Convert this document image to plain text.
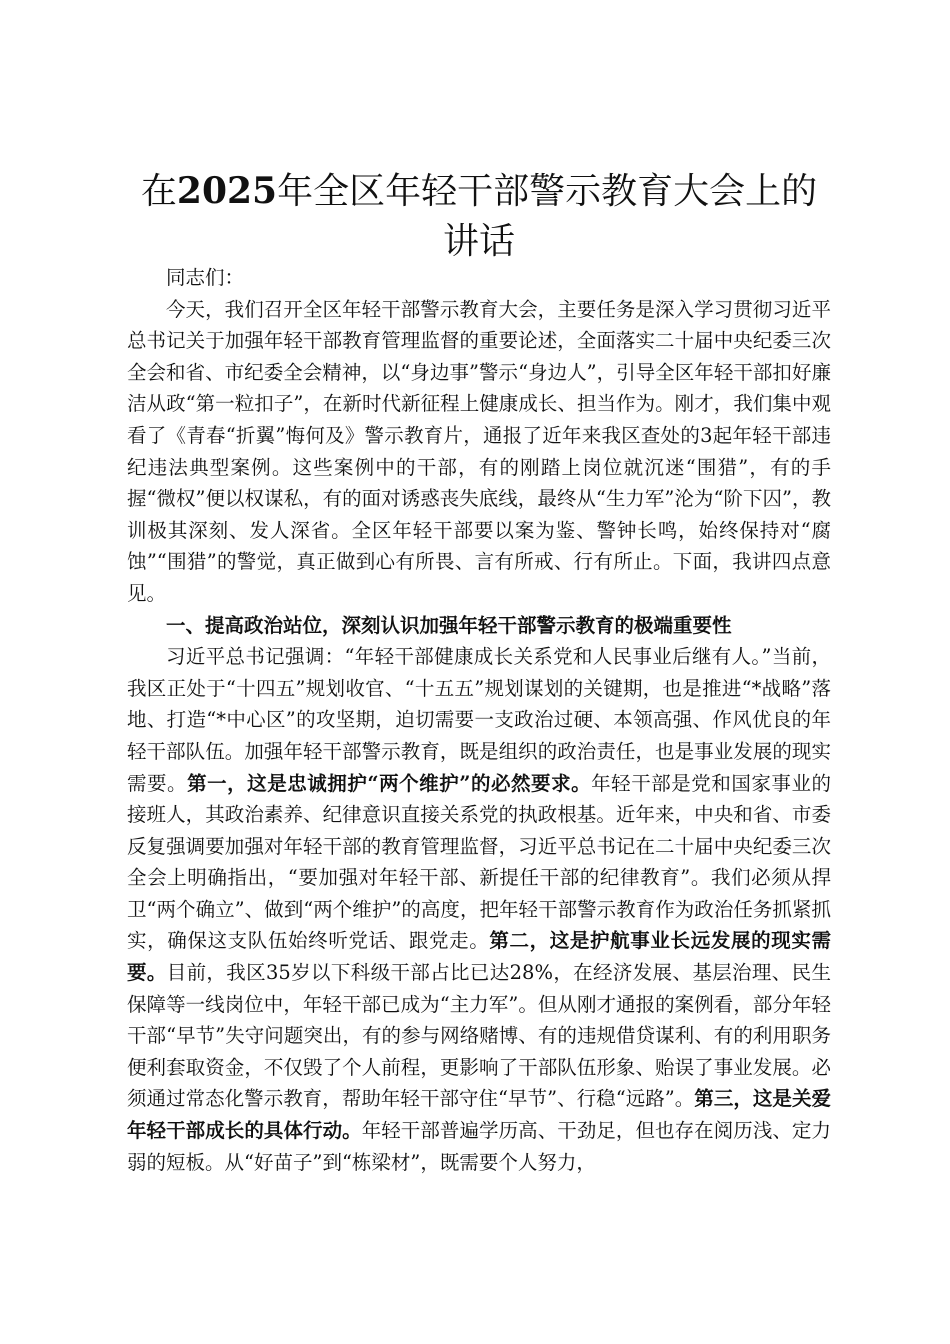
在2025年全区年轻干部警示教育大会上的讲话

同志们：

今天，我们召开全区年轻干部警示教育大会，主要任务是深入学习贯彻习近平总书记关于加强年轻干部教育管理监督的重要论述，全面落实二十届中央纪委三次全会和省、市纪委全会精神，以“身边事”警示“身边人”，引导全区年轻干部扣好廉洁从政“第一粒扣子”，在新时代新征程上健康成长、担当作为。刚才，我们集中观看了《青春“折翼”悔何及》警示教育片，通报了近年来我区查处的3起年轻干部违纪违法典型案例。这些案例中的干部，有的刚踏上岗位就沉迷“围猎”，有的手握“微权”便以权谋私，有的面对诱惑丧失底线，最终从“生力军”沦为“阶下囚”，教训极其深刻、发人深省。全区年轻干部要以案为鉴、警钟长鸣，始终保持对“腐蚀”“围猎”的警觉，真正做到心有所畏、言有所戒、行有所止。下面，我讲四点意见。

一、提高政治站位，深刻认识加强年轻干部警示教育的极端重要性

习近平总书记强调：“年轻干部健康成长关系党和人民事业后继有人。”当前，我区正处于“十四五”规划收官、“十五五”规划谋划的关键期，也是推进“*战略”落地、打造“*中心区”的攻坚期，迫切需要一支政治过硬、本领高强、作风优良的年轻干部队伍。加强年轻干部警示教育，既是组织的政治责任，也是事业发展的现实需要。第一，这是忠诚拥护“两个维护”的必然要求。年轻干部是党和国家事业的接班人，其政治素养、纪律意识直接关系党的执政根基。近年来，中央和省、市委反复强调要加强对年轻干部的教育管理监督，习近平总书记在二十届中央纪委三次全会上明确指出，“要加强对年轻干部、新提任干部的纪律教育”。我们必须从捍卫“两个确立”、做到“两个维护”的高度，把年轻干部警示教育作为政治任务抓紧抓实，确保这支队伍始终听党话、跟党走。第二，这是护航事业长远发展的现实需要。目前，我区35岁以下科级干部占比已达28%，在经济发展、基层治理、民生保障等一线岗位中，年轻干部已成为“主力军”。但从刚才通报的案例看，部分年轻干部“早节”失守问题突出，有的参与网络赌博、有的违规借贷谋利、有的利用职务便利套取资金，不仅毁了个人前程，更影响了干部队伍形象、贻误了事业发展。必须通过常态化警示教育，帮助年轻干部守住“早节”、行稳“远路”。第三，这是关爱年轻干部成长的具体行动。年轻干部普遍学历高、干劲足，但也存在阅历浅、定力弱的短板。从“好苗子”到“栋梁材”，既需要个人努力，
